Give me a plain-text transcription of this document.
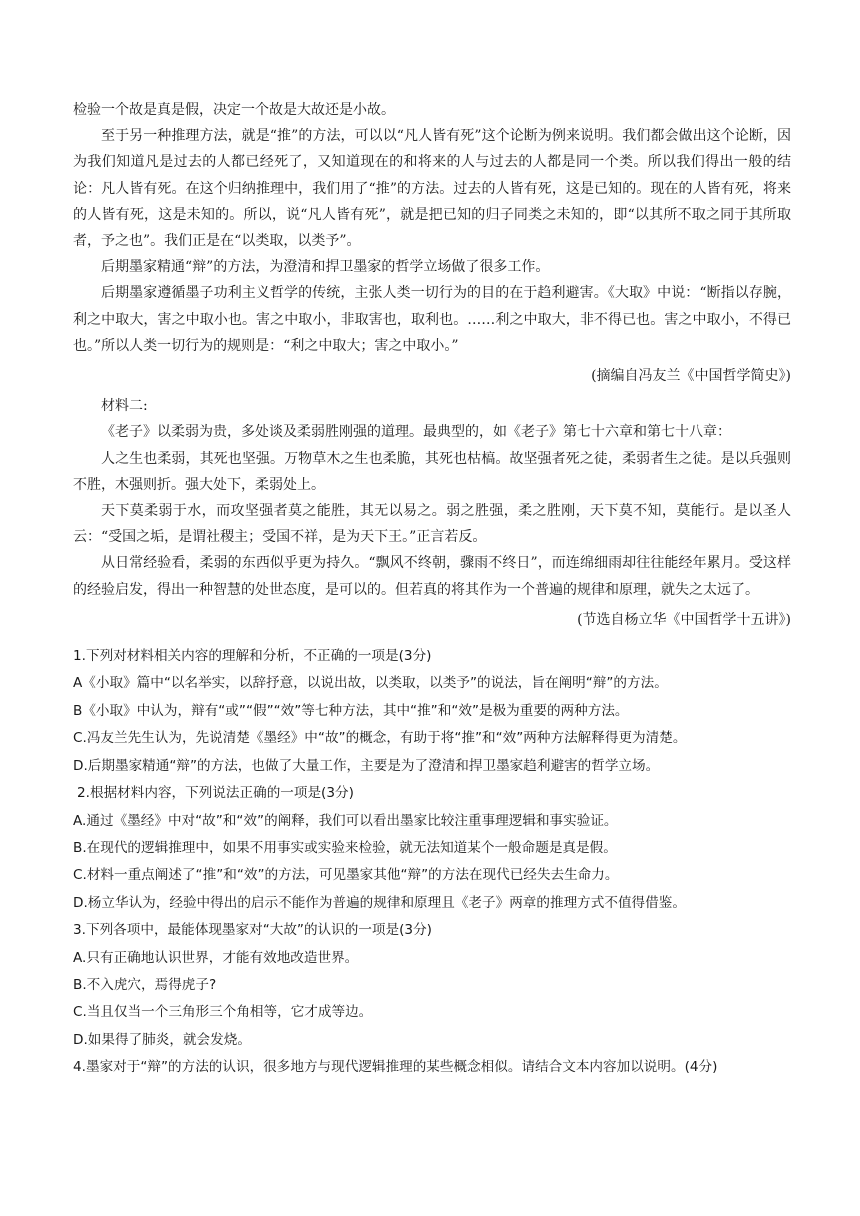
检验一个故是真是假，决定一个故是大故还是小故。

至于另一种推理方法，就是“推”的方法，可以以“凡人皆有死”这个论断为例来说明。我们都会做出这个论断，因为我们知道凡是过去的人都已经死了，又知道现在的和将来的人与过去的人都是同一个类。所以我们得出一般的结论：凡人皆有死。在这个归纳推理中，我们用了“推”的方法。过去的人皆有死，这是已知的。现在的人皆有死，将来的人皆有死，这是未知的。所以，说“凡人皆有死”，就是把已知的归子同类之未知的，即“以其所不取之同于其所取者，予之也”。我们正是在“以类取，以类予”。

后期墨家精通“辩”的方法，为澄清和捍卫墨家的哲学立场做了很多工作。

后期墨家遵循墨子功利主义哲学的传统，主张人类一切行为的目的在于趋利避害。《大取》中说：“断指以存腕，利之中取大，害之中取小也。害之中取小，非取害也，取利也。……利之中取大，非不得已也。害之中取小，不得已也。”所以人类一切行为的规则是：“利之中取大；害之中取小。”

(摘编自冯友兰《中国哲学简史》)

材料二:

《老子》以柔弱为贵，多处谈及柔弱胜刚强的道理。最典型的，如《老子》第七十六章和第七十八章：

人之生也柔弱，其死也坚强。万物草木之生也柔脆，其死也枯槁。故坚强者死之徒，柔弱者生之徒。是以兵强则不胜，木强则折。强大处下，柔弱处上。

天下莫柔弱于水，而攻坚强者莫之能胜，其无以易之。弱之胜强，柔之胜刚，天下莫不知，莫能行。是以圣人云：“受国之垢，是谓社稷主；受国不祥，是为天下王。”正言若反。

从日常经验看，柔弱的东西似乎更为持久。“飘风不终朝，骤雨不终日”，而连绵细雨却往往能经年累月。受这样的经验启发，得出一种智慧的处世态度，是可以的。但若真的将其作为一个普遍的规律和原理，就失之太远了。

(节选自杨立华《中国哲学十五讲》)

1.下列对材料相关内容的理解和分析，不正确的一项是(3分)

A《小取》篇中“以名举实，以辞抒意，以说出故，以类取，以类予”的说法，旨在阐明“辩”的方法。

B《小取》中认为，辩有“或”“假”“效”等七种方法，其中“推”和“效”是极为重要的两种方法。

C.冯友兰先生认为，先说清楚《墨经》中“故”的概念，有助于将“推”和“效”两种方法解释得更为清楚。

D.后期墨家精通“辩”的方法，也做了大量工作，主要是为了澄清和捍卫墨家趋利避害的哲学立场。

2.根据材料内容，下列说法正确的一项是(3分)

A.通过《墨经》中对“故”和“效”的阐释，我们可以看出墨家比较注重事理逻辑和事实验证。

B.在现代的逻辑推理中，如果不用事实或实验来检验，就无法知道某个一般命题是真是假。

C.材料一重点阐述了“推”和“效”的方法，可见墨家其他“辩”的方法在现代已经失去生命力。

D.杨立华认为，经验中得出的启示不能作为普遍的规律和原理且《老子》两章的推理方式不值得借鉴。

3.下列各项中，最能体现墨家对“大故”的认识的一项是(3分)

A.只有正确地认识世界，才能有效地改造世界。

B.不入虎穴，焉得虎子?

C.当且仅当一个三角形三个角相等，它才成等边。

D.如果得了肺炎，就会发烧。

4.墨家对于“辩”的方法的认识，很多地方与现代逻辑推理的某些概念相似。请结合文本内容加以说明。(4分)
